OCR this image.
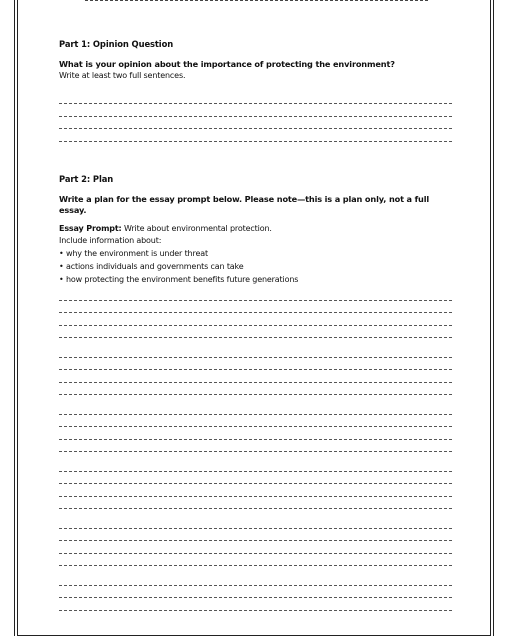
Part 1: Opinion Question

What is your opinion about the importance of protecting the environment?

Write at least two full sentences.

Part 2: Plan

Write a plan for the essay prompt below. Please note—this is a plan only, not a full essay.

Essay Prompt: Write about environmental protection.

Include information about:

• why the environment is under threat

• actions individuals and governments can take

• how protecting the environment benefits future generations
